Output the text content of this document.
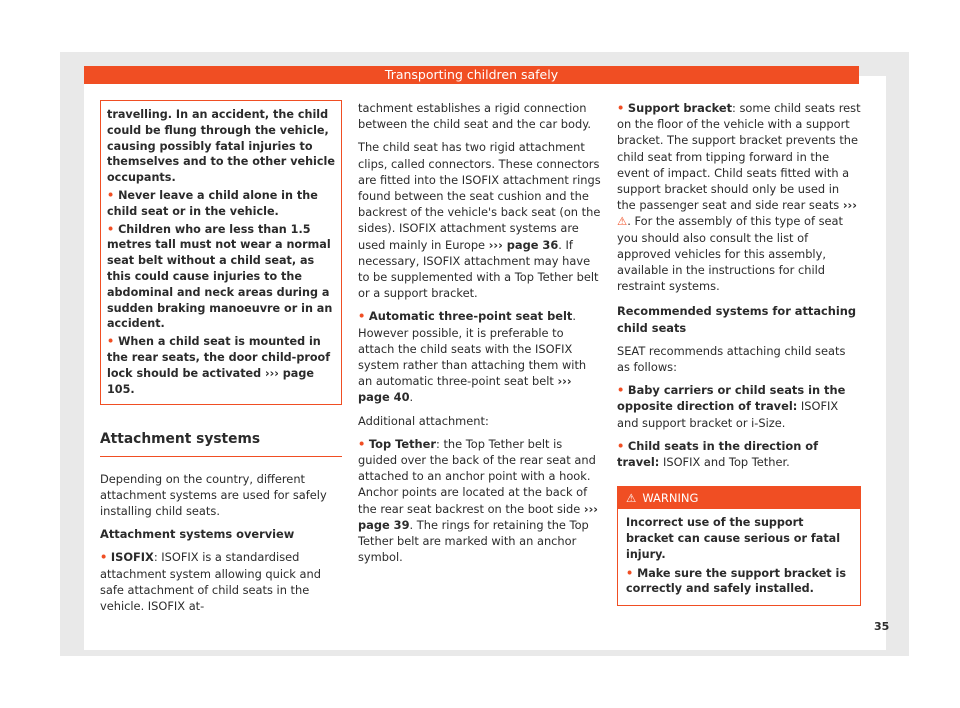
Transporting children safely
travelling. In an accident, the child could be flung through the vehicle, causing possibly fatal injuries to themselves and to the other vehicle occupants.
• Never leave a child alone in the child seat or in the vehicle.
• Children who are less than 1.5 metres tall must not wear a normal seat belt without a child seat, as this could cause injuries to the abdominal and neck areas during a sudden braking manoeuvre or in an accident.
• When a child seat is mounted in the rear seats, the door child-proof lock should be activated ››› page 105.
Attachment systems

Depending on the country, different attachment systems are used for safely installing child seats.

Attachment systems overview

• ISOFIX: ISOFIX is a standardised attachment system allowing quick and safe attachment of child seats in the vehicle. ISOFIX at-

tachment establishes a rigid connection between the child seat and the car body.

The child seat has two rigid attachment clips, called connectors. These connectors are fitted into the ISOFIX attachment rings found between the seat cushion and the backrest of the vehicle's back seat (on the sides). ISOFIX attachment systems are used mainly in Europe ››› page 36. If necessary, ISOFIX attachment may have to be supplemented with a Top Tether belt or a support bracket.

• Automatic three-point seat belt. However possible, it is preferable to attach the child seats with the ISOFIX system rather than attaching them with an automatic three-point seat belt ››› page 40.

Additional attachment:

• Top Tether: the Top Tether belt is guided over the back of the rear seat and attached to an anchor point with a hook. Anchor points are located at the back of the rear seat backrest on the boot side ››› page 39. The rings for retaining the Top Tether belt are marked with an anchor symbol.

• Support bracket: some child seats rest on the floor of the vehicle with a support bracket. The support bracket prevents the child seat from tipping forward in the event of impact. Child seats fitted with a support bracket should only be used in the passenger seat and side rear seats ››› ⚠. For the assembly of this type of seat you should also consult the list of approved vehicles for this assembly, available in the instructions for child restraint systems.

Recommended systems for attaching child seats

SEAT recommends attaching child seats as follows:

• Baby carriers or child seats in the opposite direction of travel: ISOFIX and support bracket or i-Size.

• Child seats in the direction of travel: ISOFIX and Top Tether.

⚠ WARNING
Incorrect use of the support bracket can cause serious or fatal injury.
• Make sure the support bracket is correctly and safely installed.
35
